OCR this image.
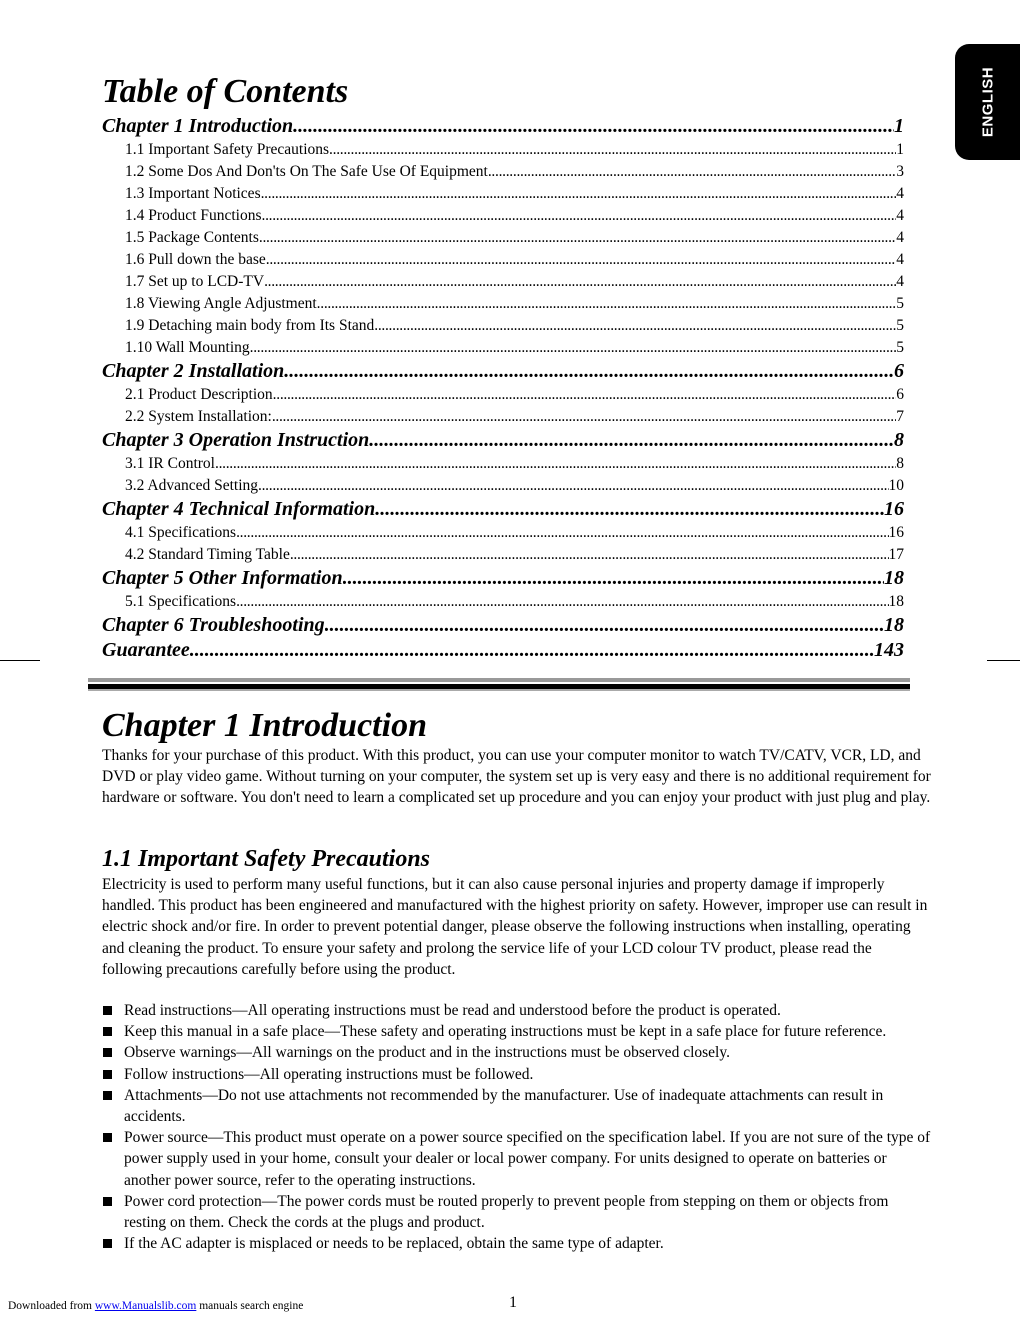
ENGLISH
Table of Contents
Chapter 1 Introduction .....	1
1.1 Important Safety Precautions .....	1
1.2 Some Dos And Don'ts On The Safe Use Of Equipment .....	3
1.3 Important Notices .....	4
1.4 Product Functions .....	4
1.5 Package Contents .....	4
1.6 Pull down the base .....	4
1.7 Set up to LCD-TV .....	4
1.8 Viewing Angle Adjustment .....	5
1.9 Detaching main body from Its Stand .....	5
1.10 Wall Mounting .....	5
Chapter 2 Installation .....	6
2.1 Product Description .....	6
2.2 System Installation: .....	7
Chapter 3 Operation Instruction .....	8
3.1 IR Control .....	8
3.2 Advanced Setting .....	10
Chapter 4 Technical Information .....	16
4.1 Specifications .....	16
4.2 Standard Timing Table .....	17
Chapter 5 Other Information .....	18
5.1 Specifications .....	18
Chapter 6 Troubleshooting .....	18
Guarantee .....	143
Chapter 1 Introduction

Thanks for your purchase of this product. With this product, you can use your computer monitor to watch TV/CATV, VCR, LD, and DVD or play video game. Without turning on your computer, the system set up is very easy and there is no additional requirement for hardware or software. You don't need to learn a complicated set up procedure and you can enjoy your product with just plug and play.

1.1 Important Safety Precautions

Electricity is used to perform many useful functions, but it can also cause personal injuries and property damage if improperly handled. This product has been engineered and manufactured with the highest priority on safety. However, improper use can result in electric shock and/or fire. In order to prevent potential danger, please observe the following instructions when installing, operating and cleaning the product. To ensure your safety and prolong the service life of your LCD colour TV product, please read the following precautions carefully before using the product.

Read instructions—All operating instructions must be read and understood before the product is operated.
Keep this manual in a safe place—These safety and operating instructions must be kept in a safe place for future reference.
Observe warnings—All warnings on the product and in the instructions must be observed closely.
Follow instructions—All operating instructions must be followed.
Attachments—Do not use attachments not recommended by the manufacturer. Use of inadequate attachments can result in accidents.
Power source—This product must operate on a power source specified on the specification label. If you are not sure of the type of power supply used in your home, consult your dealer or local power company. For units designed to operate on batteries or another power source, refer to the operating instructions.
Power cord protection—The power cords must be routed properly to prevent people from stepping on them or objects from resting on them. Check the cords at the plugs and product.
If the AC adapter is misplaced or needs to be replaced, obtain the same type of adapter.
Downloaded from www.Manualslib.com manuals search engine	1
